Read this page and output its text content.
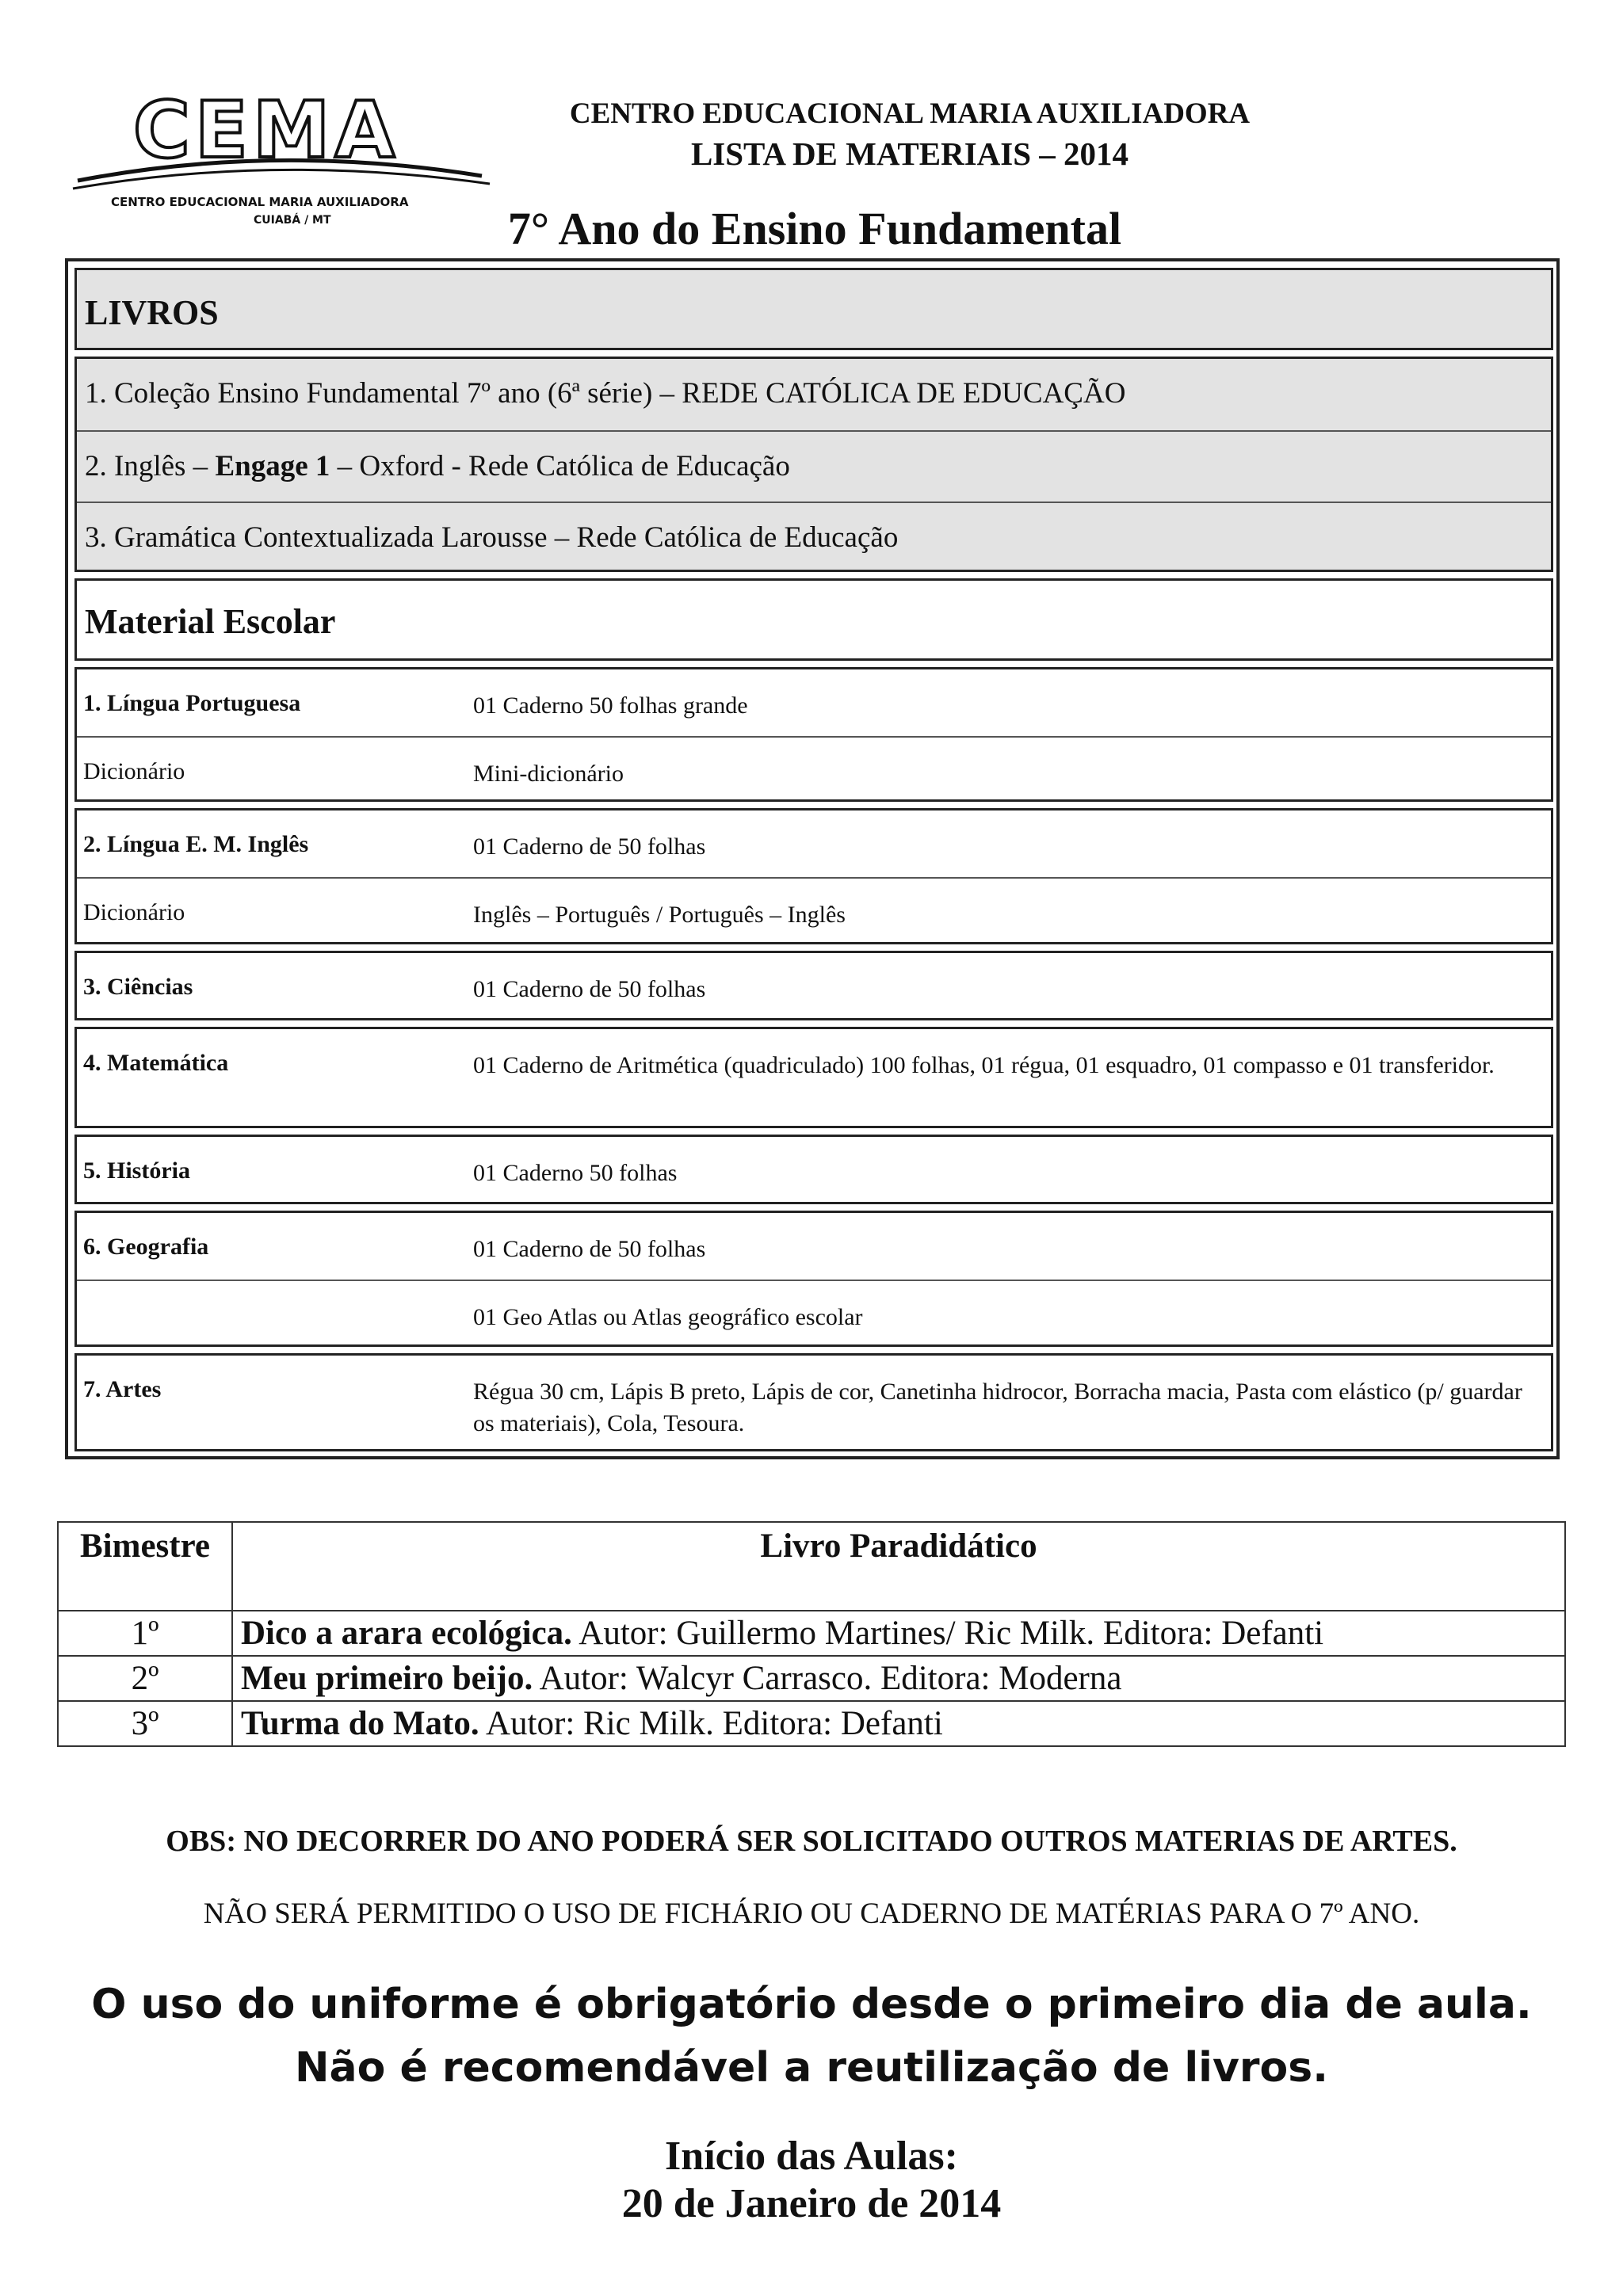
CEMA
CENTRO EDUCACIONAL MARIA AUXILIADORA
CUIABÁ / MT
CENTRO EDUCACIONAL MARIA AUXILIADORA
LISTA DE MATERIAIS – 2014
7° Ano do Ensino Fundamental
LIVROS
1. Coleção Ensino Fundamental 7º ano (6ª série) – REDE CATÓLICA DE EDUCAÇÃO
2. Inglês – Engage 1 – Oxford - Rede Católica de Educação
3. Gramática Contextualizada Larousse – Rede Católica de Educação
Material Escolar
1. Língua Portuguesa	01 Caderno 50 folhas grande
Dicionário	Mini-dicionário
2. Língua E. M. Inglês	01 Caderno de 50 folhas
Dicionário	Inglês – Português / Português – Inglês
3. Ciências	01 Caderno de 50 folhas
4. Matemática	01 Caderno de Aritmética (quadriculado) 100 folhas, 01 régua, 01 esquadro, 01 compasso e 01 transferidor.
5. História	01 Caderno 50 folhas
6. Geografia	01 Caderno de 50 folhas
01 Geo Atlas ou Atlas geográfico escolar
7. Artes	Régua 30 cm, Lápis B preto, Lápis de cor, Canetinha hidrocor, Borracha macia, Pasta com elástico (p/ guardar os materiais), Cola, Tesoura.
Bimestre	Livro Paradidático
1º	Dico a arara ecológica. Autor: Guillermo Martines/ Ric Milk. Editora: Defanti
2º	Meu primeiro beijo. Autor: Walcyr Carrasco. Editora: Moderna
3º	Turma do Mato. Autor: Ric Milk. Editora: Defanti
OBS: NO DECORRER DO ANO PODERÁ SER SOLICITADO OUTROS MATERIAS DE ARTES.
NÃO SERÁ PERMITIDO O USO DE FICHÁRIO OU CADERNO DE MATÉRIAS PARA O 7º ANO.
O uso do uniforme é obrigatório desde o primeiro dia de aula.
Não é recomendável a reutilização de livros.
Início das Aulas:
20 de Janeiro de 2014
